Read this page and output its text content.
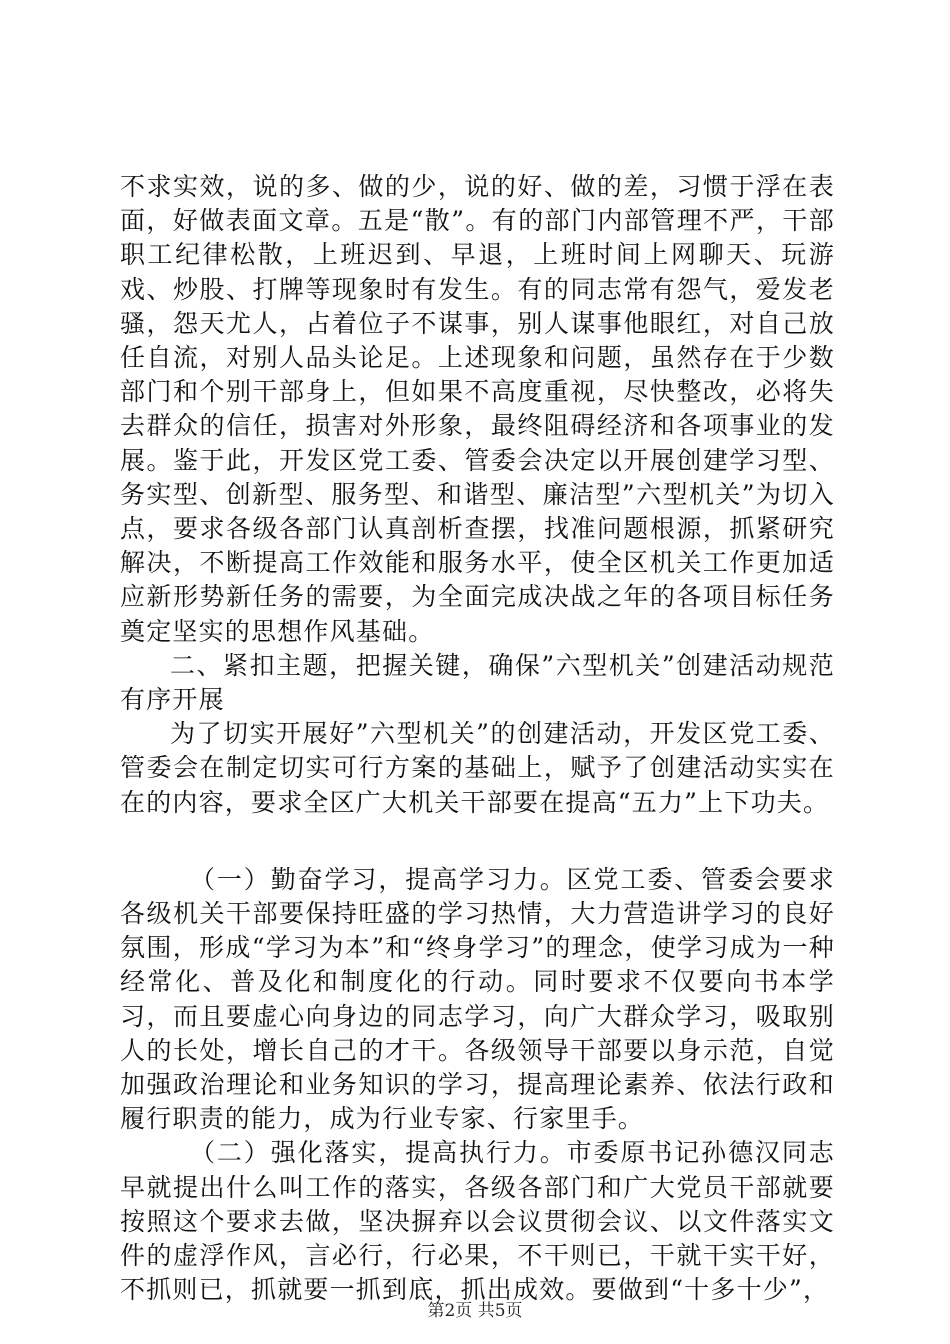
不求实效，说的多、做的少，说的好、做的差，习惯于浮在表面，好做表面文章。五是“散”。有的部门内部管理不严，干部职工纪律松散，上班迟到、早退，上班时间上网聊天、玩游戏、炒股、打牌等现象时有发生。有的同志常有怨气，爱发老骚，怨天尤人，占着位子不谋事，别人谋事他眼红，对自己放任自流，对别人品头论足。上述现象和问题，虽然存在于少数部门和个别干部身上，但如果不高度重视，尽快整改，必将失去群众的信任，损害对外形象，最终阻碍经济和各项事业的发展。鉴于此，开发区党工委、管委会决定以开展创建学习型、务实型、创新型、服务型、和谐型、廉洁型”六型机关”为切入点，要求各级各部门认真剖析查摆，找准问题根源，抓紧研究解决，不断提高工作效能和服务水平，使全区机关工作更加适应新形势新任务的需要，为全面完成决战之年的各项目标任务奠定坚实的思想作风基础。

二、紧扣主题，把握关键，确保”六型机关”创建活动规范有序开展

为了切实开展好”六型机关”的创建活动，开发区党工委、管委会在制定切实可行方案的基础上，赋予了创建活动实实在在的内容，要求全区广大机关干部要在提高“五力”上下功夫。

（一）勤奋学习，提高学习力。区党工委、管委会要求各级机关干部要保持旺盛的学习热情，大力营造讲学习的良好氛围，形成“学习为本”和“终身学习”的理念，使学习成为一种经常化、普及化和制度化的行动。同时要求不仅要向书本学习，而且要虚心向身边的同志学习，向广大群众学习，吸取别人的长处，增长自己的才干。各级领导干部要以身示范，自觉加强政治理论和业务知识的学习，提高理论素养、依法行政和履行职责的能力，成为行业专家、行家里手。

（二）强化落实，提高执行力。市委原书记孙德汉同志早就提出什么叫工作的落实，各级各部门和广大党员干部就要按照这个要求去做，坚决摒弃以会议贯彻会议、以文件落实文件的虚浮作风，言必行，行必果，不干则已，干就干实干好，不抓则已，抓就要一抓到底，抓出成效。要做到“十多十少”，

第2页 共5页
